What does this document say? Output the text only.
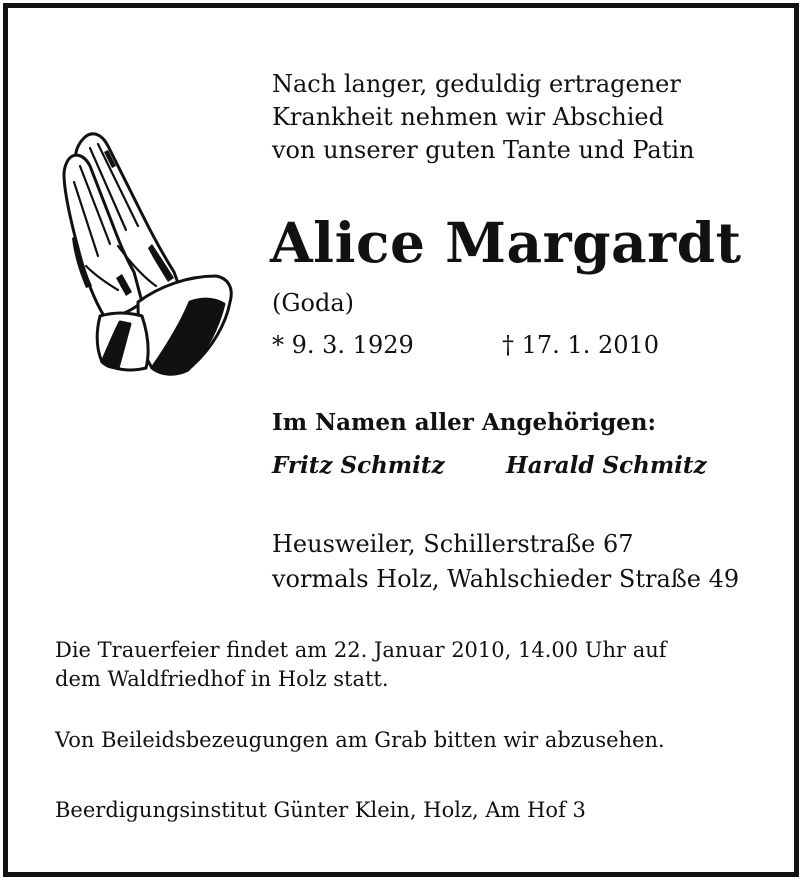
Nach langer, geduldig ertragener
Krankheit nehmen wir Abschied
von unserer guten Tante und Patin
Alice Margardt
(Goda)
* 9. 3. 1929	† 17. 1. 2010
Im Namen aller Angehörigen:
Fritz Schmitz	Harald Schmitz
Heusweiler, Schillerstraße 67
vormals Holz, Wahlschieder Straße 49
Die Trauerfeier findet am 22. Januar 2010, 14.00 Uhr auf
dem Waldfriedhof in Holz statt.
Von Beileidsbezeugungen am Grab bitten wir abzusehen.
Beerdigungsinstitut Günter Klein, Holz, Am Hof 3
